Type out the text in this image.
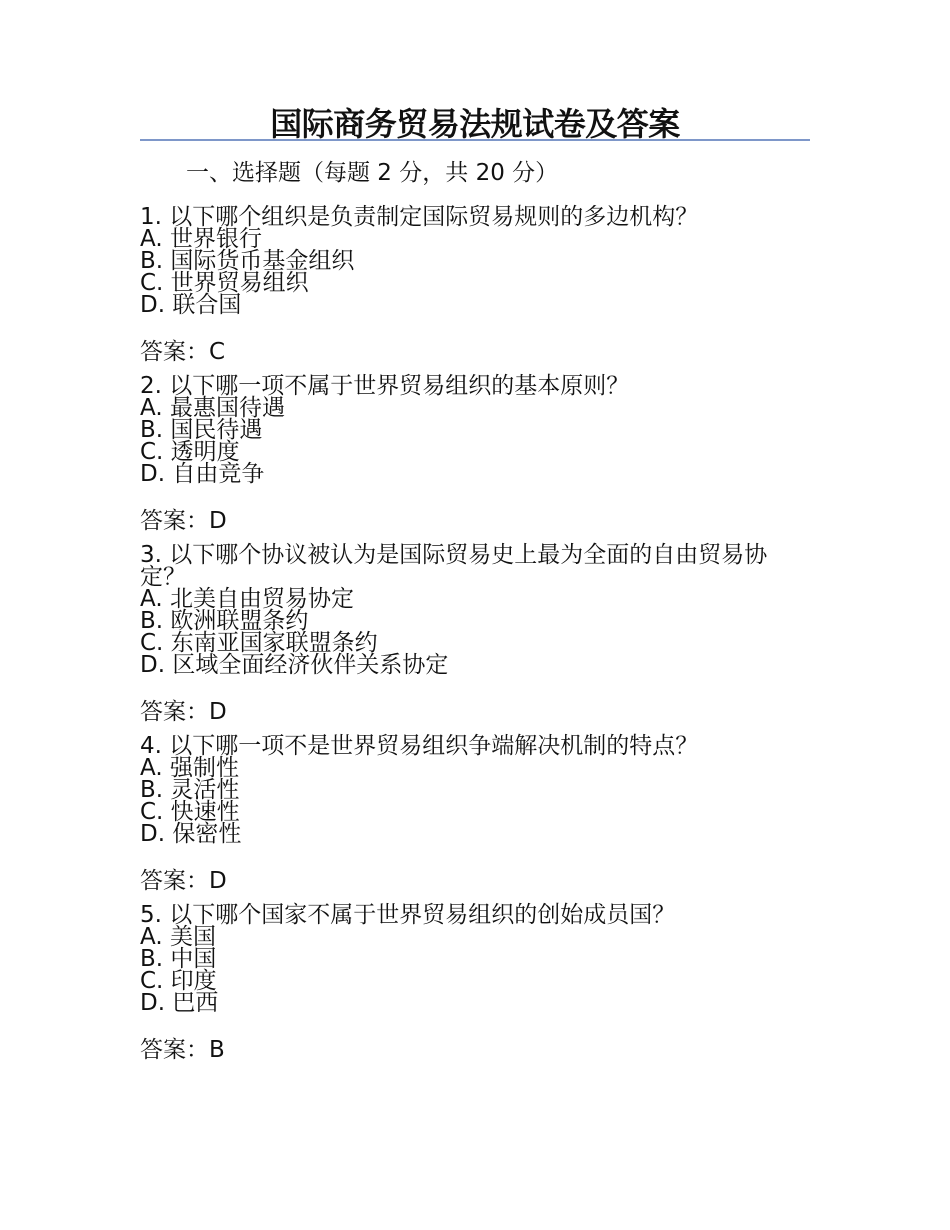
国际商务贸易法规试卷及答案
一、选择题（每题 2 分，共 20 分）

1. 以下哪个组织是负责制定国际贸易规则的多边机构？

A. 世界银行

B. 国际货币基金组织

C. 世界贸易组织

D. 联合国

答案：C

2. 以下哪一项不属于世界贸易组织的基本原则？

A. 最惠国待遇

B. 国民待遇

C. 透明度

D. 自由竞争

答案：D

3. 以下哪个协议被认为是国际贸易史上最为全面的自由贸易协定？

A. 北美自由贸易协定

B. 欧洲联盟条约

C. 东南亚国家联盟条约

D. 区域全面经济伙伴关系协定

答案：D

4. 以下哪一项不是世界贸易组织争端解决机制的特点？

A. 强制性

B. 灵活性

C. 快速性

D. 保密性

答案：D

5. 以下哪个国家不属于世界贸易组织的创始成员国？

A. 美国

B. 中国

C. 印度

D. 巴西

答案：B
